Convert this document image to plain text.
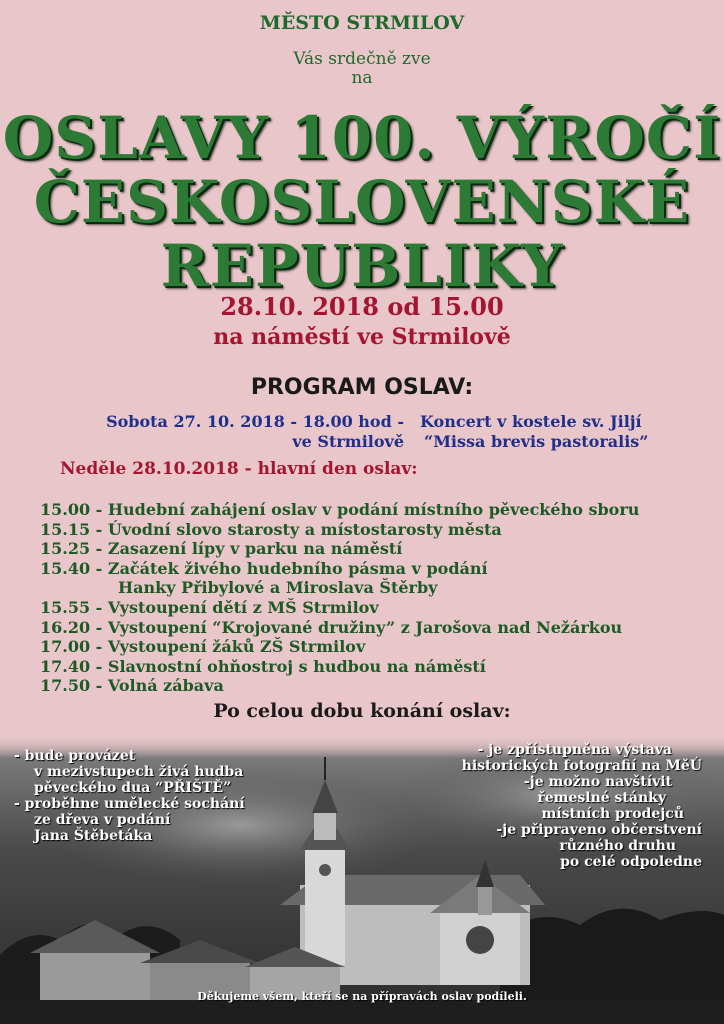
MĚSTO STRMILOV
Vás srdečně zve
na
OSLAVY 100. VÝROČÍ
ČESKOSLOVENSKÉ
REPUBLIKY
28.10. 2018 od 15.00
na náměstí ve Strmilově
PROGRAM OSLAV:
Sobota 27. 10. 2018 - 18.00 hod -
ve Strmilově
Koncert v kostele sv. Jiljí
“Missa brevis pastoralis”
Neděle 28.10.2018 - hlavní den oslav:
15.00 - Hudební zahájení oslav v podání místního pěveckého sboru
15.15 - Úvodní slovo starosty a místostarosty města
15.25 - Zasazení lípy v parku na náměstí
15.40 - Začátek živého hudebního pásma v podání
Hanky Přibylové a Miroslava Štěrby
15.55 - Vystoupení dětí z MŠ Strmilov
16.20 - Vystoupení “Krojované družiny” z Jarošova nad Nežárkou
17.00 - Vystoupení žáků ZŠ Strmilov
17.40 - Slavnostní ohňostroj s hudbou na náměstí
17.50 - Volná zábava
Po celou dobu konání oslav:
- bude provázet
v mezivstupech živá hudba
pěveckého dua “PŘIŠTĚ”
- proběhne umělecké sochání
ze dřeva v podání
Jana Štěbetáka
- je zpřístupněna výstava
historických fotografií na MěÚ
-je možno navštívit
řemeslné stánky
místních prodejců
-je připraveno občerstvení
různého druhu
po celé odpoledne
Děkujeme všem, kteří se na přípravách oslav podíleli.
